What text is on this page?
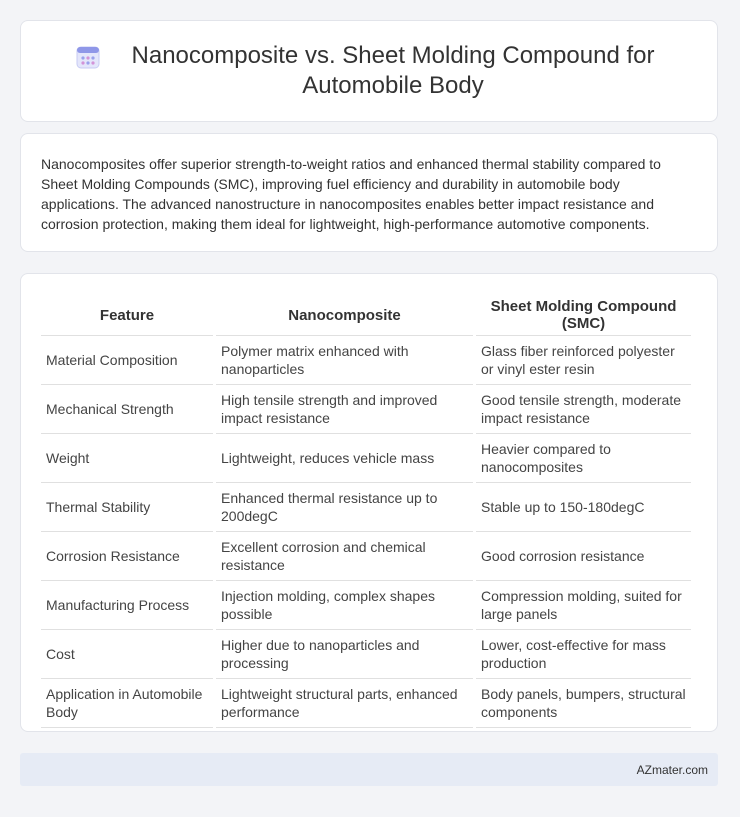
Nanocomposite vs. Sheet Molding Compound for Automobile Body

Nanocomposites offer superior strength-to-weight ratios and enhanced thermal stability compared to Sheet Molding Compounds (SMC), improving fuel efficiency and durability in automobile body applications. The advanced nanostructure in nanocomposites enables better impact resistance and corrosion protection, making them ideal for lightweight, high-performance automotive components.

Feature	Nanocomposite	Sheet Molding Compound (SMC)
Material Composition	Polymer matrix enhanced with nanoparticles	Glass fiber reinforced polyester or vinyl ester resin
Mechanical Strength	High tensile strength and improved impact resistance	Good tensile strength, moderate impact resistance
Weight	Lightweight, reduces vehicle mass	Heavier compared to nanocomposites
Thermal Stability	Enhanced thermal resistance up to 200degC	Stable up to 150-180degC
Corrosion Resistance	Excellent corrosion and chemical resistance	Good corrosion resistance
Manufacturing Process	Injection molding, complex shapes possible	Compression molding, suited for large panels
Cost	Higher due to nanoparticles and processing	Lower, cost-effective for mass production
Application in Automobile Body	Lightweight structural parts, enhanced performance	Body panels, bumpers, structural components
AZmater.com
